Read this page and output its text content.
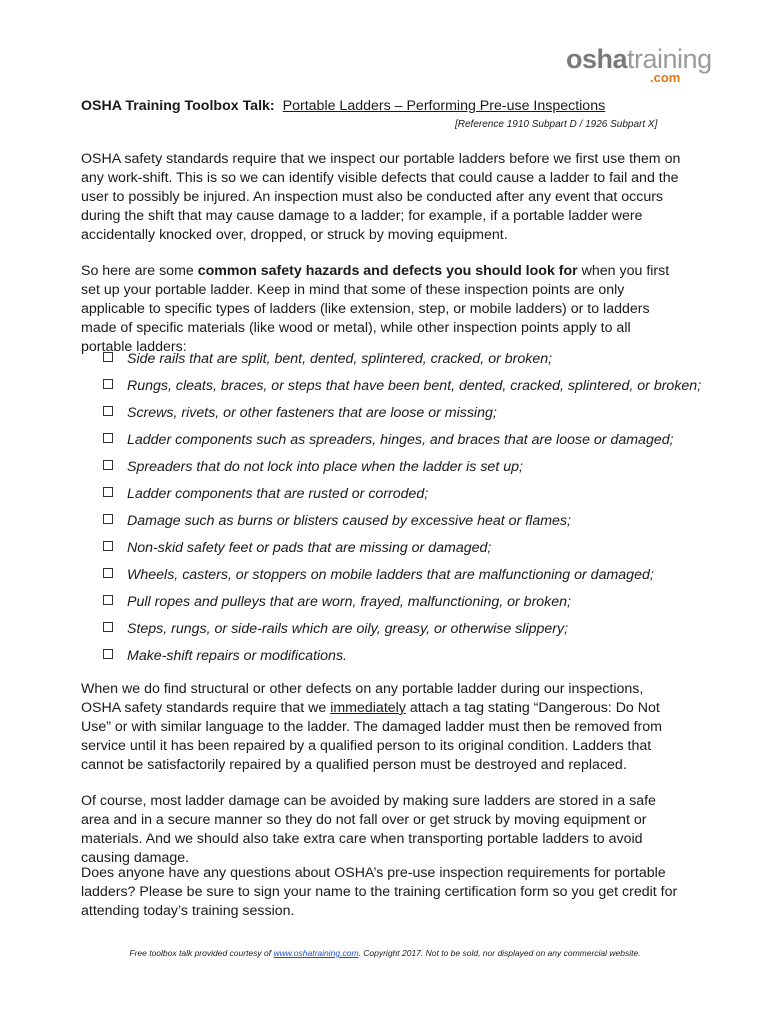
oshatraining
.com
OSHA Training Toolbox Talk: Portable Ladders – Performing Pre-use Inspections
[Reference 1910 Subpart D / 1926 Subpart X]

OSHA safety standards require that we inspect our portable ladders before we first use them on any work-shift. This is so we can identify visible defects that could cause a ladder to fail and the user to possibly be injured. An inspection must also be conducted after any event that occurs during the shift that may cause damage to a ladder; for example, if a portable ladder were accidentally knocked over, dropped, or struck by moving equipment.

So here are some common safety hazards and defects you should look for when you first set up your portable ladder. Keep in mind that some of these inspection points are only applicable to specific types of ladders (like extension, step, or mobile ladders) or to ladders made of specific materials (like wood or metal), while other inspection points apply to all portable ladders:

Side rails that are split, bent, dented, splintered, cracked, or broken;
Rungs, cleats, braces, or steps that have been bent, dented, cracked, splintered, or broken;
Screws, rivets, or other fasteners that are loose or missing;
Ladder components such as spreaders, hinges, and braces that are loose or damaged;
Spreaders that do not lock into place when the ladder is set up;
Ladder components that are rusted or corroded;
Damage such as burns or blisters caused by excessive heat or flames;
Non-skid safety feet or pads that are missing or damaged;
Wheels, casters, or stoppers on mobile ladders that are malfunctioning or damaged;
Pull ropes and pulleys that are worn, frayed, malfunctioning, or broken;
Steps, rungs, or side-rails which are oily, greasy, or otherwise slippery;
Make-shift repairs or modifications.

When we do find structural or other defects on any portable ladder during our inspections, OSHA safety standards require that we immediately attach a tag stating “Dangerous: Do Not Use” or with similar language to the ladder. The damaged ladder must then be removed from service until it has been repaired by a qualified person to its original condition. Ladders that cannot be satisfactorily repaired by a qualified person must be destroyed and replaced.

Of course, most ladder damage can be avoided by making sure ladders are stored in a safe area and in a secure manner so they do not fall over or get struck by moving equipment or materials. And we should also take extra care when transporting portable ladders to avoid causing damage.

Does anyone have any questions about OSHA’s pre-use inspection requirements for portable ladders? Please be sure to sign your name to the training certification form so you get credit for attending today’s training session.

Free toolbox talk provided courtesy of www.oshatraining.com. Copyright 2017. Not to be sold, nor displayed on any commercial website.
